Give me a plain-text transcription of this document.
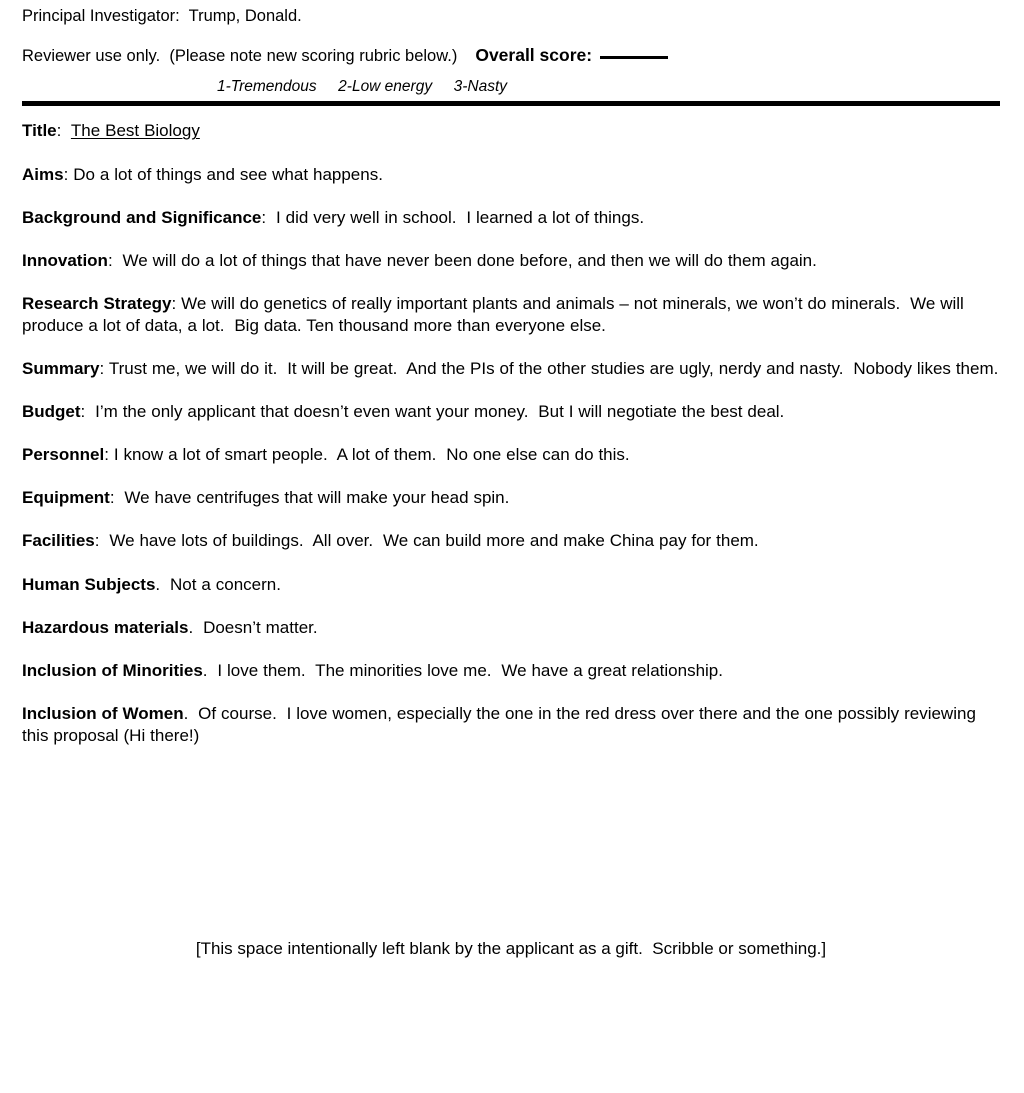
Principal Investigator: Trump, Donald.

Reviewer use only.  (Please note new scoring rubric below.) Overall score:

1-Tremendous     2-Low energy     3-Nasty

Title:  The Best Biology

Aims: Do a lot of things and see what happens.

Background and Significance:  I did very well in school.  I learned a lot of things.

Innovation:  We will do a lot of things that have never been done before, and then we will do them again.

Research Strategy: We will do genetics of really important plants and animals – not minerals, we won’t do minerals.  We will produce a lot of data, a lot.  Big data. Ten thousand more than everyone else.

Summary: Trust me, we will do it.  It will be great.  And the PIs of the other studies are ugly, nerdy and nasty.  Nobody likes them.

Budget:  I’m the only applicant that doesn’t even want your money.  But I will negotiate the best deal.

Personnel: I know a lot of smart people.  A lot of them.  No one else can do this.

Equipment:  We have centrifuges that will make your head spin.

Facilities:  We have lots of buildings.  All over.  We can build more and make China pay for them.

Human Subjects.  Not a concern.

Hazardous materials.  Doesn’t matter.

Inclusion of Minorities.  I love them.  The minorities love me.  We have a great relationship.

Inclusion of Women.  Of course.  I love women, especially the one in the red dress over there and the one possibly reviewing this proposal (Hi there!)

[This space intentionally left blank by the applicant as a gift.  Scribble or something.]
